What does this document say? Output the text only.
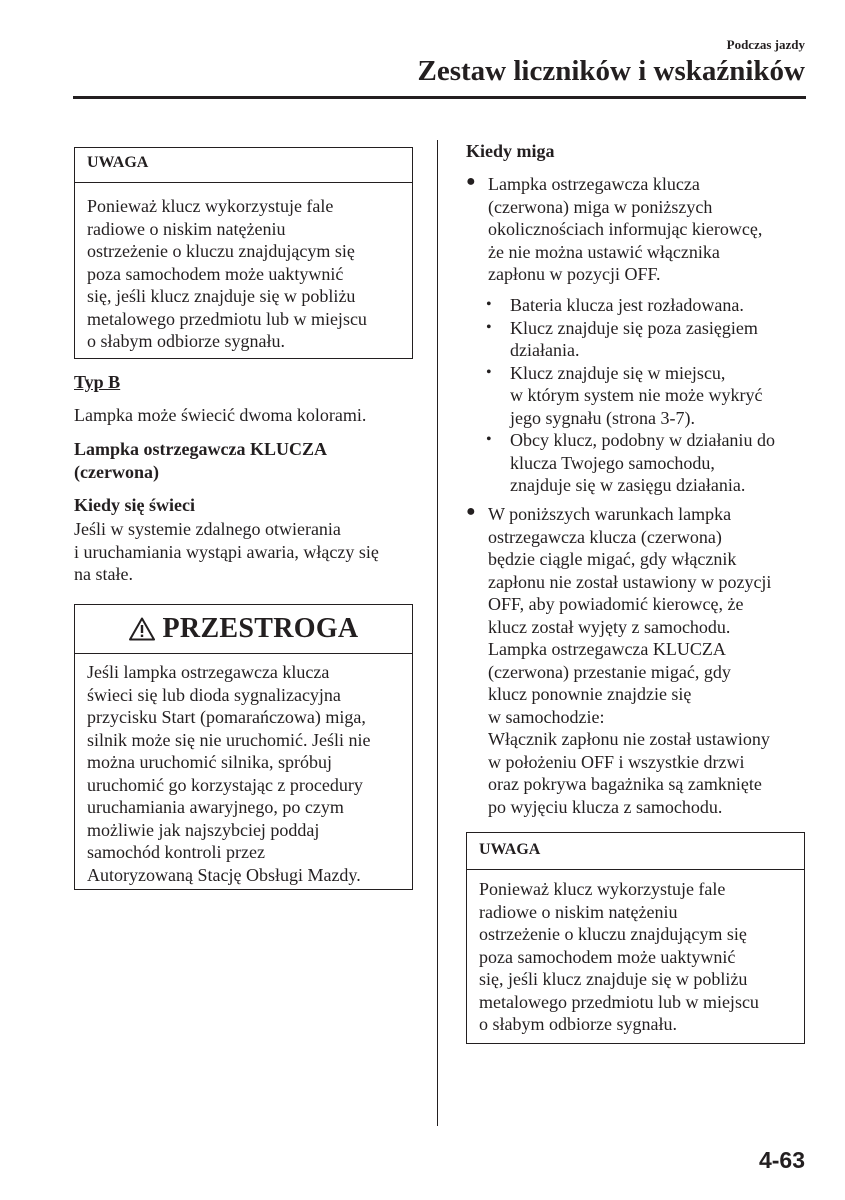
Podczas jazdy
Zestaw liczników i wskaźników
UWAGA
Ponieważ klucz wykorzystuje fale
radiowe o niskim natężeniu
ostrzeżenie o kluczu znajdującym się
poza samochodem może uaktywnić
się, jeśli klucz znajduje się w pobliżu
metalowego przedmiotu lub w miejscu
o słabym odbiorze sygnału.
Typ B
Lampka może świecić dwoma kolorami.
Lampka ostrzegawcza KLUCZA
(czerwona)
Kiedy się świeci
Jeśli w systemie zdalnego otwierania
i uruchamiania wystąpi awaria, włączy się
na stałe.
PRZESTROGA
Jeśli lampka ostrzegawcza klucza
świeci się lub dioda sygnalizacyjna
przycisku Start (pomarańczowa) miga,
silnik może się nie uruchomić. Jeśli nie
można uruchomić silnika, spróbuj
uruchomić go korzystając z procedury
uruchamiania awaryjnego, po czym
możliwie jak najszybciej poddaj
samochód kontroli przez
Autoryzowaną Stację Obsługi Mazdy.
Kiedy miga
● Lampka ostrzegawcza klucza
(czerwona) miga w poniższych
okolicznościach informując kierowcę,
że nie można ustawić włącznika
zapłonu w pozycji OFF.
• Bateria klucza jest rozładowana.
• Klucz znajduje się poza zasięgiem
działania.
• Klucz znajduje się w miejscu,
w którym system nie może wykryć
jego sygnału (strona 3-7).
• Obcy klucz, podobny w działaniu do
klucza Twojego samochodu,
znajduje się w zasięgu działania.
● W poniższych warunkach lampka
ostrzegawcza klucza (czerwona)
będzie ciągle migać, gdy włącznik
zapłonu nie został ustawiony w pozycji
OFF, aby powiadomić kierowcę, że
klucz został wyjęty z samochodu.
Lampka ostrzegawcza KLUCZA
(czerwona) przestanie migać, gdy
klucz ponownie znajdzie się
w samochodzie:
Włącznik zapłonu nie został ustawiony
w położeniu OFF i wszystkie drzwi
oraz pokrywa bagażnika są zamknięte
po wyjęciu klucza z samochodu.
UWAGA
Ponieważ klucz wykorzystuje fale
radiowe o niskim natężeniu
ostrzeżenie o kluczu znajdującym się
poza samochodem może uaktywnić
się, jeśli klucz znajduje się w pobliżu
metalowego przedmiotu lub w miejscu
o słabym odbiorze sygnału.
4-63
